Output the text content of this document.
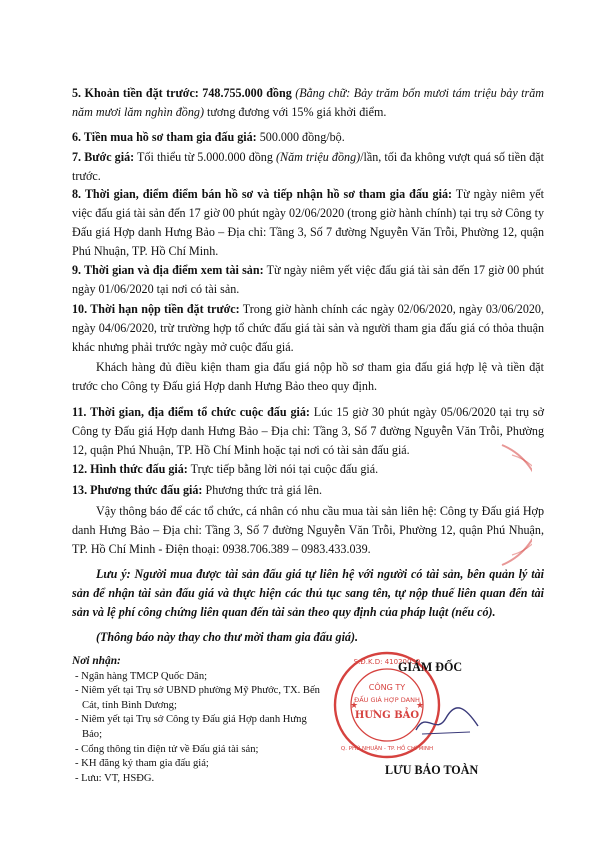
5. Khoản tiền đặt trước: 748.755.000 đồng (Bằng chữ: Bảy trăm bốn mươi tám triệu bảy trăm năm mươi lăm nghìn đồng) tương đương với 15% giá khởi điểm.
6. Tiền mua hồ sơ tham gia đấu giá: 500.000 đồng/bộ.
7. Bước giá: Tối thiểu từ 5.000.000 đồng (Năm triệu đồng)/lần, tối đa không vượt quá số tiền đặt trước.
8. Thời gian, điểm điểm bán hồ sơ và tiếp nhận hồ sơ tham gia đấu giá: Từ ngày niêm yết việc đấu giá tài sản đến 17 giờ 00 phút ngày 02/06/2020 (trong giờ hành chính) tại trụ sở Công ty Đấu giá Hợp danh Hưng Bảo – Địa chỉ: Tầng 3, Số 7 đường Nguyễn Văn Trỗi, Phường 12, quận Phú Nhuận, TP. Hồ Chí Minh.
9. Thời gian và địa điểm xem tài sản: Từ ngày niêm yết việc đấu giá tài sản đến 17 giờ 00 phút ngày 01/06/2020 tại nơi có tài sản.
10. Thời hạn nộp tiền đặt trước: Trong giờ hành chính các ngày 02/06/2020, ngày 03/06/2020, ngày 04/06/2020, trừ trường hợp tổ chức đấu giá tài sản và người tham gia đấu giá có thỏa thuận khác nhưng phải trước ngày mở cuộc đấu giá.
Khách hàng đủ điều kiện tham gia đấu giá nộp hồ sơ tham gia đấu giá hợp lệ và tiền đặt trước cho Công ty Đấu giá Hợp danh Hưng Bảo theo quy định.
11. Thời gian, địa điểm tổ chức cuộc đấu giá: Lúc 15 giờ 30 phút ngày 05/06/2020 tại trụ sở Công ty Đấu giá Hợp danh Hưng Bảo – Địa chỉ: Tầng 3, Số 7 đường Nguyễn Văn Trỗi, Phường 12, quận Phú Nhuận, TP. Hồ Chí Minh hoặc tại nơi có tài sản đấu giá.
12. Hình thức đấu giá: Trực tiếp bằng lời nói tại cuộc đấu giá.
13. Phương thức đấu giá: Phương thức trả giá lên.
Vậy thông báo để các tổ chức, cá nhân có nhu cầu mua tài sản liên hệ: Công ty Đấu giá Hợp danh Hưng Bảo – Địa chỉ: Tầng 3, Số 7 đường Nguyễn Văn Trỗi, Phường 12, quận Phú Nhuận, TP. Hồ Chí Minh - Điện thoại: 0938.706.389 – 0983.433.039.
Lưu ý: Người mua được tài sản đấu giá tự liên hệ với người có tài sản, bên quản lý tài sản để nhận tài sản đấu giá và thực hiện các thủ tục sang tên, tự nộp thuế liên quan đến tài sản và lệ phí công chứng liên quan đến tài sản theo quy định của pháp luật (nếu có).
(Thông báo này thay cho thư mời tham gia đấu giá).
Nơi nhận:
- Ngân hàng TMCP Quốc Dân;
- Niêm yết tại Trụ sở UBND phường Mỹ Phước, TX. Bến Cát, tỉnh Bình Dương;
- Niêm yết tại Trụ sở Công ty Đấu giá Hợp danh Hưng Bảo;
- Cổng thông tin điện tử về Đấu giá tài sản;
- KH đăng ký tham gia đấu giá;
- Lưu: VT, HSĐG.
S.Đ.K.D: 41020039
CÔNG TY
ĐẤU GIÁ HỢP DANH
HƯNG BẢO
Q. PHÚ NHUẬN - TP. HỒ CHÍ MINH
★	★
GIÁM ĐỐC
LƯU BẢO TOÀN
